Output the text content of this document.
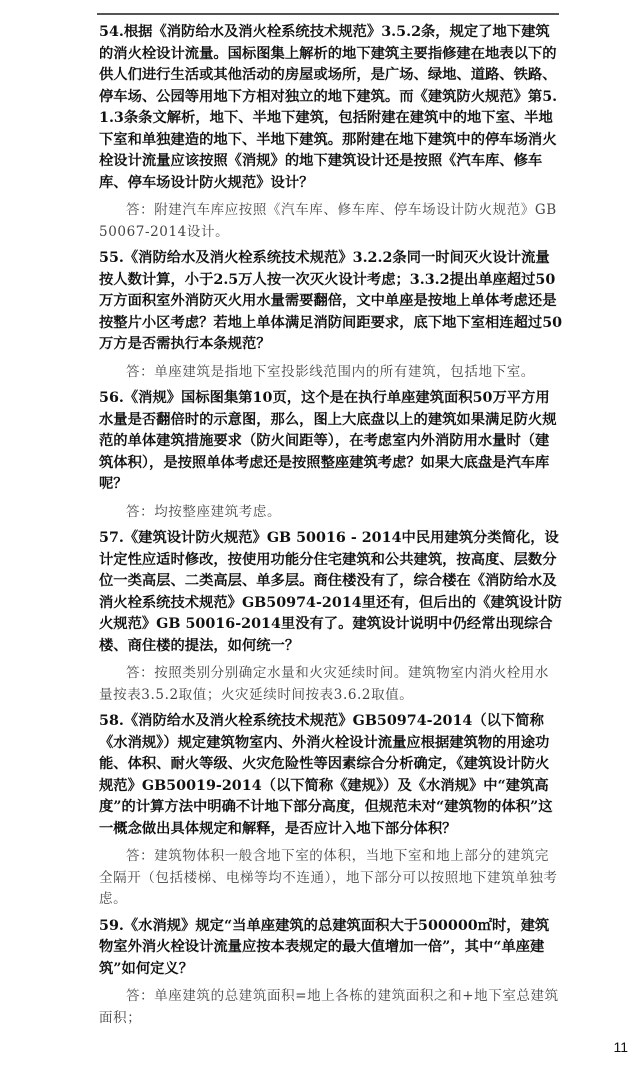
54.根据《消防给水及消火栓系统技术规范》3.5.2条，规定了地下建筑的消火栓设计流量。国标图集上解析的地下建筑主要指修建在地表以下的供人们进行生活或其他活动的房屋或场所，是广场、绿地、道路、铁路、停车场、公园等用地下方相对独立的地下建筑。而《建筑防火规范》第5.1.3条条文解析，地下、半地下建筑，包括附建在建筑中的地下室、半地下室和单独建造的地下、半地下建筑。那附建在地下建筑中的停车场消火栓设计流量应该按照《消规》的地下建筑设计还是按照《汽车库、修车库、停车场设计防火规范》设计？

答：附建汽车库应按照《汽车库、修车库、停车场设计防火规范》GB 50067-2014设计。

55.《消防给水及消火栓系统技术规范》3.2.2条同一时间灭火设计流量按人数计算，小于2.5万人按一次灭火设计考虑；3.3.2提出单座超过50万方面积室外消防灭火用水量需要翻倍，文中单座是按地上单体考虑还是按整片小区考虑？若地上单体满足消防间距要求，底下地下室相连超过50万方是否需执行本条规范？

答：单座建筑是指地下室投影线范围内的所有建筑，包括地下室。

56.《消规》国标图集第10页，这个是在执行单座建筑面积50万平方用水量是否翻倍时的示意图，那么，图上大底盘以上的建筑如果满足防火规范的单体建筑措施要求（防火间距等），在考虑室内外消防用水量时（建筑体积），是按照单体考虑还是按照整座建筑考虑？如果大底盘是汽车库呢？

答：均按整座建筑考虑。

57.《建筑设计防火规范》GB 50016 - 2014中民用建筑分类简化，设计定性应适时修改，按使用功能分住宅建筑和公共建筑，按高度、层数分位一类高层、二类高层、单多层。商住楼没有了，综合楼在《消防给水及消火栓系统技术规范》GB50974-2014里还有，但后出的《建筑设计防火规范》GB 50016-2014里没有了。建筑设计说明中仍经常出现综合楼、商住楼的提法，如何统一？

答：按照类别分别确定水量和火灾延续时间。建筑物室内消火栓用水量按表3.5.2取值；火灾延续时间按表3.6.2取值。

58.《消防给水及消火栓系统技术规范》GB50974-2014（以下简称《水消规》）规定建筑物室内、外消火栓设计流量应根据建筑物的用途功能、体积、耐火等级、火灾危险性等因素综合分析确定，《建筑设计防火规范》GB50019-2014（以下简称《建规》）及《水消规》中“建筑高度”的计算方法中明确不计地下部分高度，但规范未对“建筑物的体积”这一概念做出具体规定和解释，是否应计入地下部分体积？

答：建筑物体积一般含地下室的体积，当地下室和地上部分的建筑完全隔开（包括楼梯、电梯等均不连通），地下部分可以按照地下建筑单独考虑。

59.《水消规》规定“当单座建筑的总建筑面积大于500000㎡时，建筑物室外消火栓设计流量应按本表规定的最大值增加一倍”，其中“单座建筑”如何定义？

答：单座建筑的总建筑面积=地上各栋的建筑面积之和+地下室总建筑面积；

11
